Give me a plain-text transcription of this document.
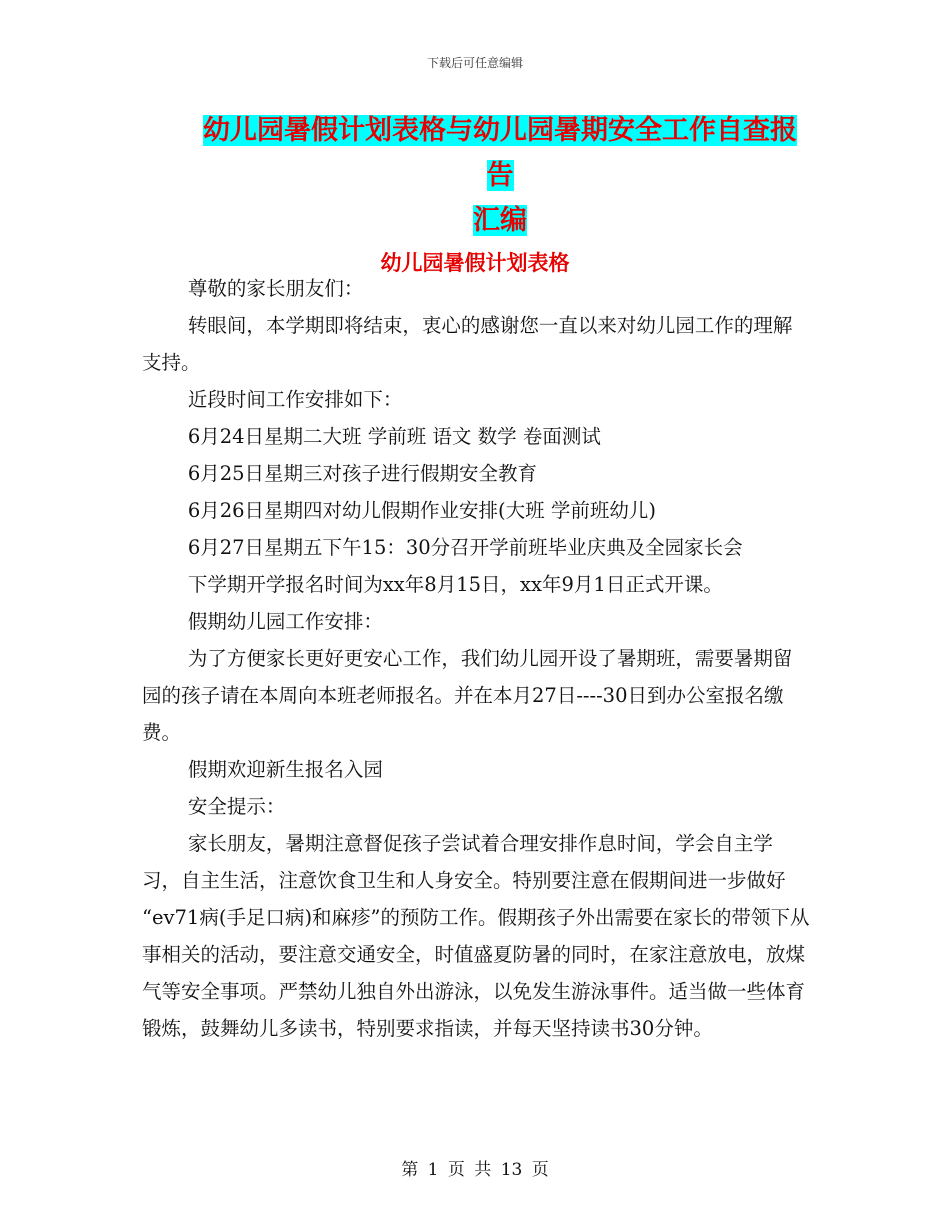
下载后可任意编辑
幼儿园暑假计划表格与幼儿园暑期安全工作自查报告
汇编
幼儿园暑假计划表格

尊敬的家长朋友们：

转眼间，本学期即将结束，衷心的感谢您一直以来对幼儿园工作的理解支持。

近段时间工作安排如下：

6月24日星期二大班 学前班 语文 数学 卷面测试

6月25日星期三对孩子进行假期安全教育

6月26日星期四对幼儿假期作业安排(大班 学前班幼儿)

6月27日星期五下午15：30分召开学前班毕业庆典及全园家长会

下学期开学报名时间为xx年8月15日，xx年9月1日正式开课。

假期幼儿园工作安排：

为了方便家长更好更安心工作，我们幼儿园开设了暑期班，需要暑期留园的孩子请在本周向本班老师报名。并在本月27日----30日到办公室报名缴费。

假期欢迎新生报名入园

安全提示：

家长朋友，暑期注意督促孩子尝试着合理安排作息时间，学会自主学习，自主生活，注意饮食卫生和人身安全。特别要注意在假期间进一步做好 “ev71病(手足口病)和麻疹”的预防工作。假期孩子外出需要在家长的带领下从事相关的活动，要注意交通安全，时值盛夏防暑的同时，在家注意放电，放煤气等安全事项。严禁幼儿独自外出游泳，以免发生游泳事件。适当做一些体育锻炼，鼓舞幼儿多读书，特别要求指读，并每天坚持读书30分钟。

第 1 页 共 13 页
